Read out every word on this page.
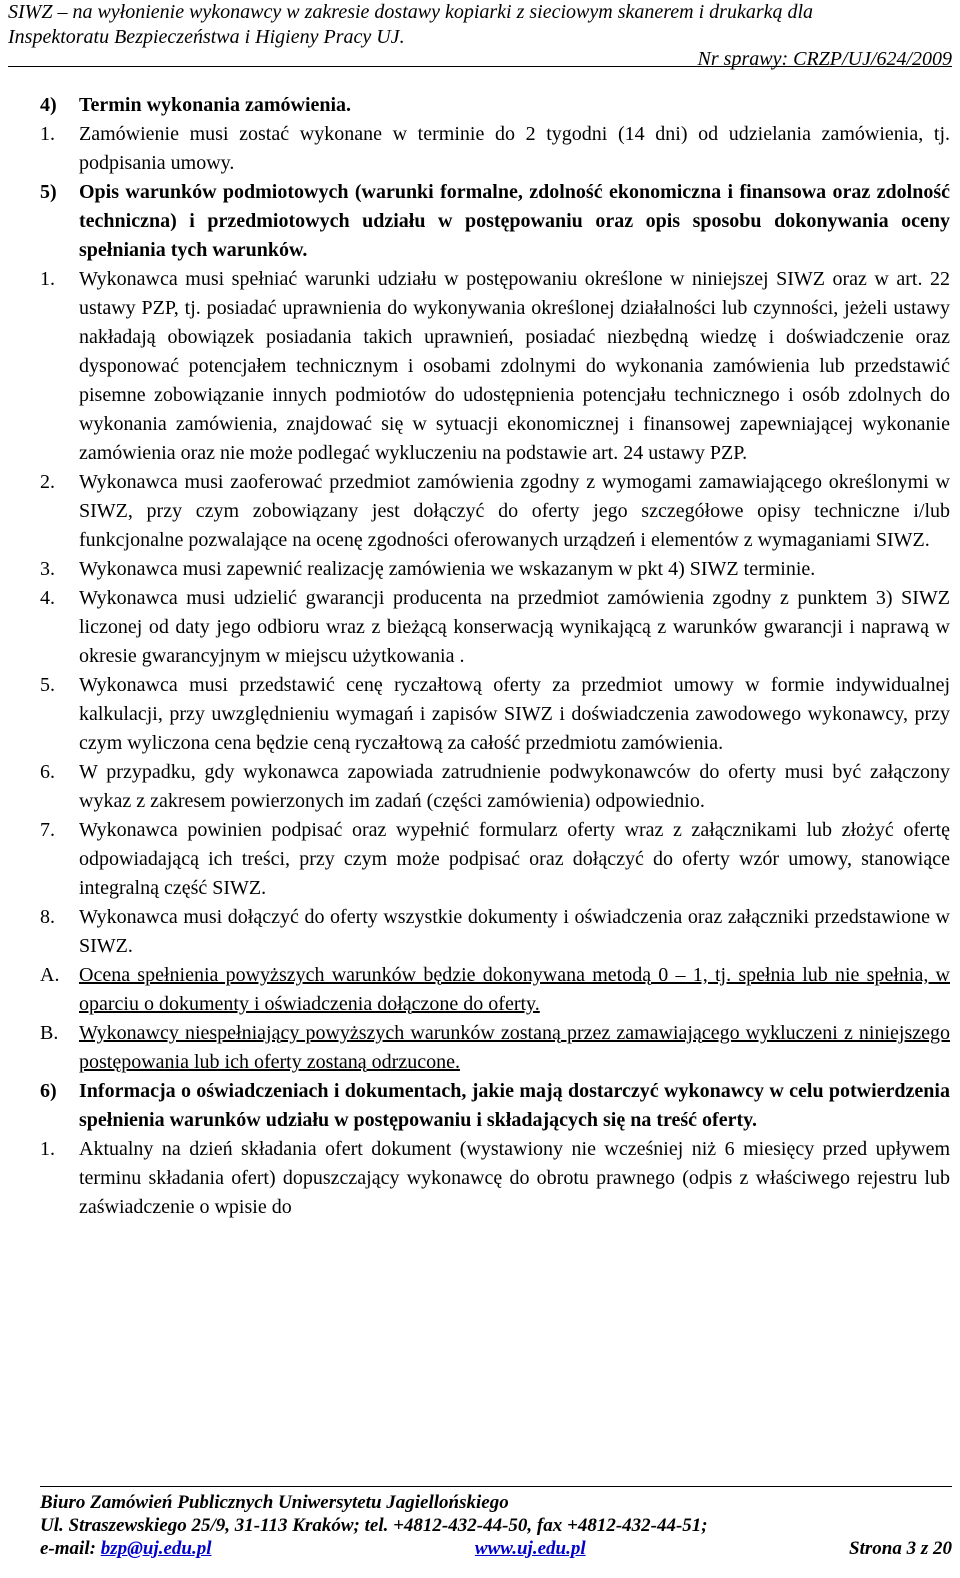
SIWZ – na wyłonienie wykonawcy w zakresie dostawy kopiarki z sieciowym skanerem i drukarką dla
Inspektoratu Bezpieczeństwa i Higieny Pracy UJ.
Nr sprawy: CRZP/UJ/624/2009
4) Termin wykonania zamówienia.
1. Zamówienie musi zostać wykonane w terminie do 2 tygodni (14 dni) od udzielania zamówienia, tj. podpisania umowy.
5) Opis warunków podmiotowych (warunki formalne, zdolność ekonomiczna i finansowa oraz zdolność techniczna) i przedmiotowych udziału w postępowaniu oraz opis sposobu dokonywania oceny spełniania tych warunków.
1. Wykonawca musi spełniać warunki udziału w postępowaniu określone w niniejszej SIWZ oraz w art. 22 ustawy PZP, tj. posiadać uprawnienia do wykonywania określonej działalności lub czynności, jeżeli ustawy nakładają obowiązek posiadania takich uprawnień, posiadać niezbędną wiedzę i doświadczenie oraz dysponować potencjałem technicznym i osobami zdolnymi do wykonania zamówienia lub przedstawić pisemne zobowiązanie innych podmiotów do udostępnienia potencjału technicznego i osób zdolnych do wykonania zamówienia, znajdować się w sytuacji ekonomicznej i finansowej zapewniającej wykonanie zamówienia oraz nie może podlegać wykluczeniu na podstawie art. 24 ustawy PZP.
2. Wykonawca musi zaoferować przedmiot zamówienia zgodny z wymogami zamawiającego określonymi w SIWZ, przy czym zobowiązany jest dołączyć do oferty jego szczegółowe opisy techniczne i/lub funkcjonalne pozwalające na ocenę zgodności oferowanych urządzeń i elementów z wymaganiami SIWZ.
3. Wykonawca musi zapewnić realizację zamówienia we wskazanym w pkt 4) SIWZ terminie.
4. Wykonawca musi udzielić gwarancji producenta na przedmiot zamówienia zgodny z punktem 3) SIWZ liczonej od daty jego odbioru wraz z bieżącą konserwacją wynikającą z warunków gwarancji i naprawą w okresie gwarancyjnym w miejscu użytkowania .
5. Wykonawca musi przedstawić cenę ryczałtową oferty za przedmiot umowy w formie indywidualnej kalkulacji, przy uwzględnieniu wymagań i zapisów SIWZ i doświadczenia zawodowego wykonawcy, przy czym wyliczona cena będzie ceną ryczałtową za całość przedmiotu zamówienia.
6. W przypadku, gdy wykonawca zapowiada zatrudnienie podwykonawców do oferty musi być załączony wykaz z zakresem powierzonych im zadań (części zamówienia) odpowiednio.
7. Wykonawca powinien podpisać oraz wypełnić formularz oferty wraz z załącznikami lub złożyć ofertę odpowiadającą ich treści, przy czym może podpisać oraz dołączyć do oferty wzór umowy, stanowiące integralną część SIWZ.
8. Wykonawca musi dołączyć do oferty wszystkie dokumenty i oświadczenia oraz załączniki przedstawione w SIWZ.
A. Ocena spełnienia powyższych warunków będzie dokonywana metodą 0 – 1, tj. spełnia lub nie spełnia, w oparciu o dokumenty i oświadczenia dołączone do oferty.
B. Wykonawcy niespełniający powyższych warunków zostaną przez zamawiającego wykluczeni z niniejszego postępowania lub ich oferty zostaną odrzucone.
6) Informacja o oświadczeniach i dokumentach, jakie mają dostarczyć wykonawcy w celu potwierdzenia spełnienia warunków udziału w postępowaniu i składających się na treść oferty.
1. Aktualny na dzień składania ofert dokument (wystawiony nie wcześniej niż 6 miesięcy przed upływem terminu składania ofert) dopuszczający wykonawcę do obrotu prawnego (odpis z właściwego rejestru lub zaświadczenie o wpisie do
Biuro Zamówień Publicznych Uniwersytetu Jagiellońskiego
Ul. Straszewskiego 25/9, 31-113 Kraków; tel. +4812-432-44-50, fax +4812-432-44-51;
e-mail: bzp@uj.edu.pl	www.uj.edu.pl	Strona 3 z 20
